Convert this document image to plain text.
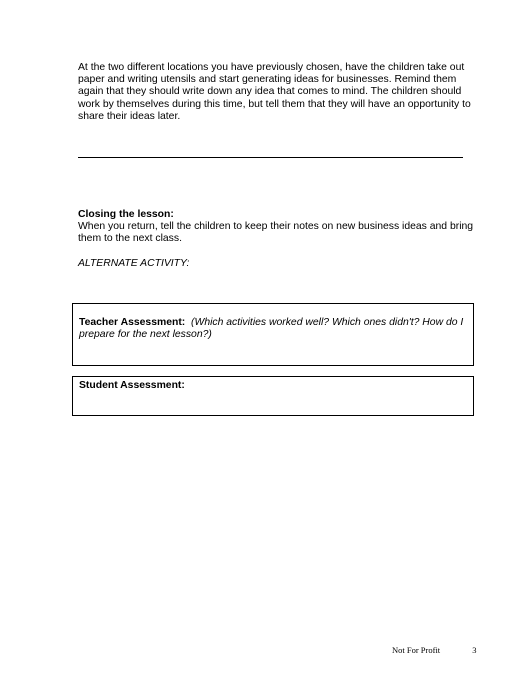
At the two different locations you have previously chosen, have the children take out paper and writing utensils and start generating ideas for businesses. Remind them again that they should write down any idea that comes to mind. The children should work by themselves during this time, but tell them that they will have an opportunity to share their ideas later.

Closing the lesson:

When you return, tell the children to keep their notes on new business ideas and bring them to the next class.

ALTERNATE ACTIVITY:
Teacher Assessment: (Which activities worked well? Which ones didn't? How do I prepare for the next lesson?)
Student Assessment:
Not For Profit	3
